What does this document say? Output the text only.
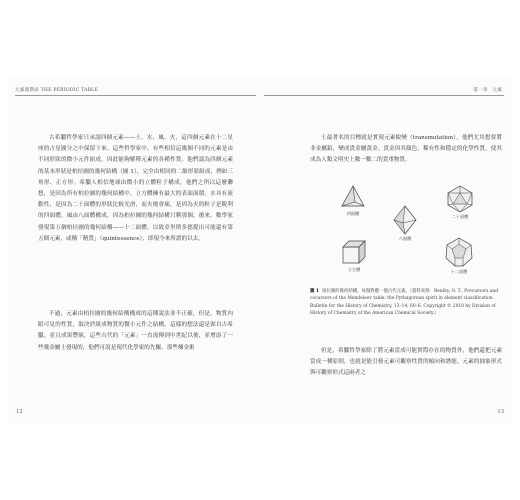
元素週期表 THE PERIODIC TABLE

古希臘哲學家只承認四個元素——土、水、風、火，這四個元素在十二星座的占星圖分之中保留下來。這些哲學家中，有些相信這幾個不同的元素是由不同形狀的微小元件組成，因此能夠解釋元素的各種性質。他們認為四個元素的基本形狀是柏拉圖的幾何結構（圖 1），完全由相同的二維形狀組成，例如三角形、正方形。希臘人相信地球由微小的立體粒子構成，他們之所以這麼聯想，是因為所有柏拉圖的幾何結構中，立方體擁有最大的表面面積。水具有流動性，是因為二十面體的形狀比較光滑，而火燒會痛，是因為火的粒子是銳利的四面體。風由八面體構成，因為柏拉圖的幾何結構只剩那個，後來，數學家發現第五個柏拉圖的幾何結構——十二面體，以致亞里斯多德提出可能還有第五個元素，或稱「精質」（quintessence），即現今來所謂的以太。

不過，元素由柏拉圖的幾何結構構成的這種說法並不正確，但是，物質內眼可見的性質，取決於組成物質的微小元件之結構，這樣的想法還是源自古希臘。並且成果豐碩，這些古代的「元素」一直流傳到中世紀以後，並增添了一些幾金屬士發現的，他們可說是現代化學家的先驅。那些煉金術

12
第一章　元素

士最著名的目標就是實現元素蛻變（transmutation），他們尤其想要將非金屬鉛，變成貴金屬黃金。貴金因其顏色、稀有性和穩定的化學性質，使其成為人類文明史上數一數二的貴重物質。

四面體
八面體
二十面體
立方體	十二面體

圖 1 柏拉圖的幾何結構，每個對應一個古代元素。（資料來源：Benfey, O. T., Precursors and cocursors of the Mendeleev table: the Pythagorean spirit in element classification. Bulletin for the History of Chemistry, 13–14, 60–6. Copyright © 2018 by Division of History of Chemistry of the American Chemical Society.）

但是，希臘哲學家除了將元素當成可能實際存在的物質外，他們還把元素當成一種原則，也就是能引發元素可觀察性質的傾向和潛能。元素的抽象形式與可觀察形式這兩者之

13
